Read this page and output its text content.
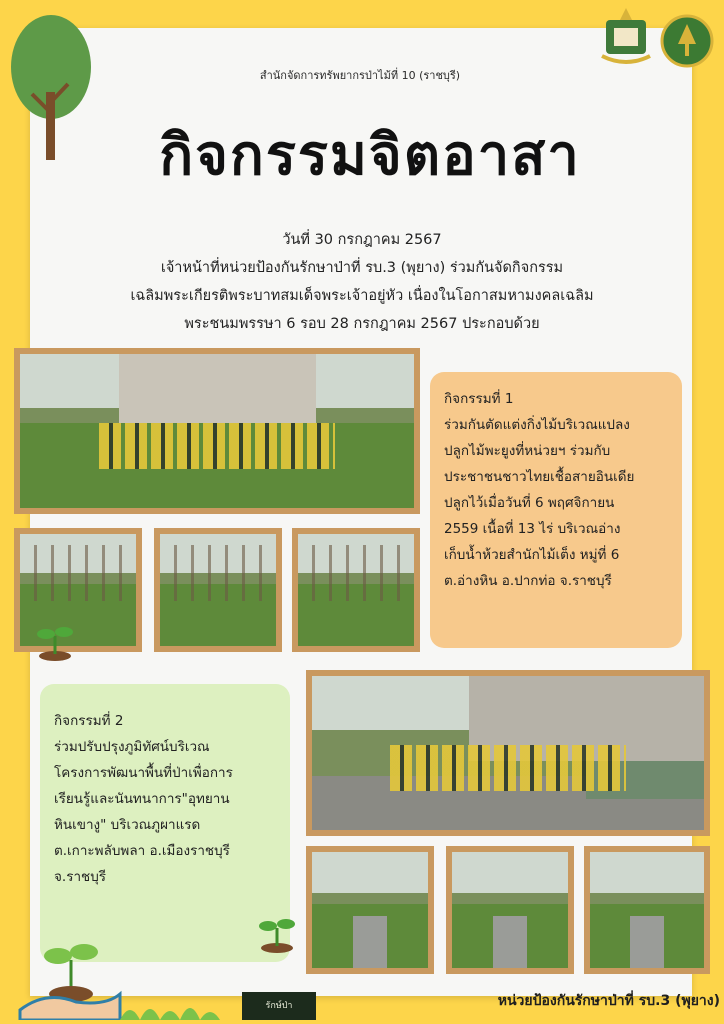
สำนักจัดการทรัพยากรป่าไม้ที่ 10 (ราชบุรี)
กิจกรรมจิตอาสา
วันที่ 30 กรกฎาคม 2567
เจ้าหน้าที่หน่วยป้องกันรักษาป่าที่ รบ.3 (พุยาง) ร่วมกันจัดกิจกรรม
เฉลิมพระเกียรติพระบาทสมเด็จพระเจ้าอยู่หัว เนื่องในโอกาสมหามงคลเฉลิม
พระชนมพรรษา 6 รอบ 28 กรกฎาคม 2567 ประกอบด้วย
กิจกรรมที่ 1
ร่วมกันตัดแต่งกิ่งไม้บริเวณแปลง
ปลูกไม้พะยูงที่หน่วยฯ ร่วมกับ
ประชาชนชาวไทยเชื้อสายอินเดีย
ปลูกไว้เมื่อวันที่ 6 พฤศจิกายน
2559 เนื้อที่ 13 ไร่ บริเวณอ่าง
เก็บน้ำห้วยสำนักไม้เต็ง หมู่ที่ 6
ต.อ่างหิน อ.ปากท่อ จ.ราชบุรี
กิจกรรมที่ 2
ร่วมปรับปรุงภูมิทัศน์บริเวณ
โครงการพัฒนาพื้นที่ป่าเพื่อการ
เรียนรู้และนันทนาการ"อุทยาน
หินเขางู" บริเวณภูผาแรด
ต.เกาะพลับพลา อ.เมืองราชบุรี
จ.ราชบุรี
รักษ์ป่า	หน่วยป้องกันรักษาป่าที่ รบ.3 (พุยาง)
